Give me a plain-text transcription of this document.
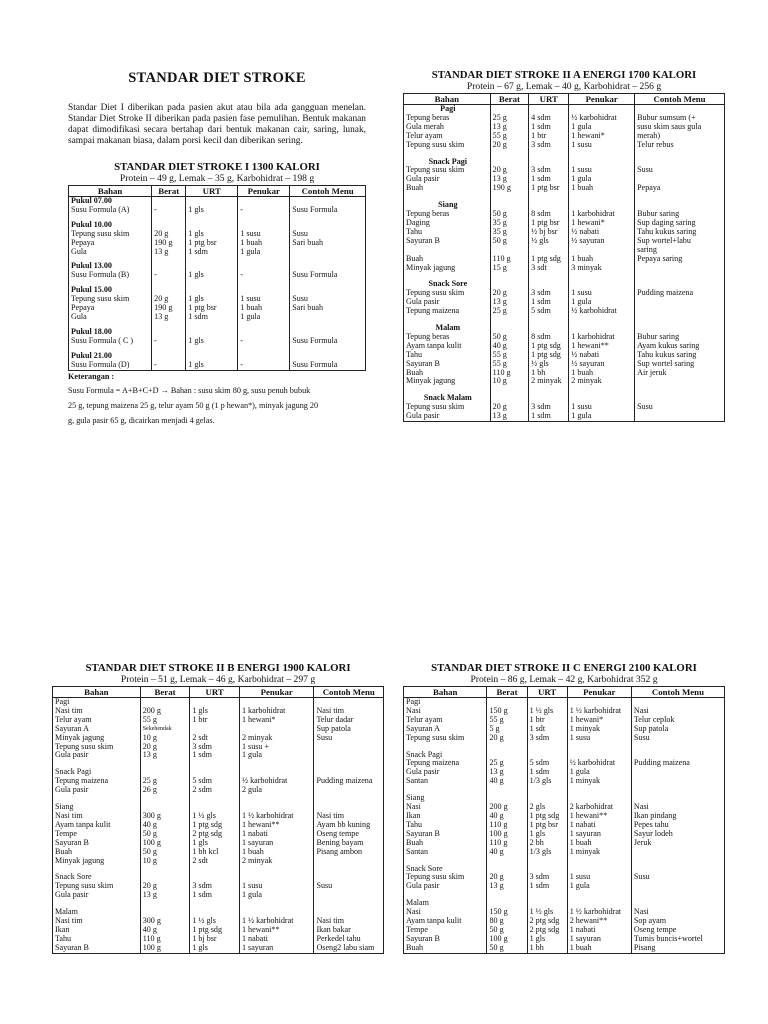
STANDAR DIET STROKE

Standar Diet I diberikan pada pasien akut atau bila ada gangguan menelan. Standar Diet Stroke II diberikan pada pasien fase pemulihan. Bentuk makanan dapat dimodifikasi secara bertahap dari bentuk makanan cair, saring, lunak, sampai makanan biasa, dalam porsi kecil dan diberikan sering.

STANDAR DIET STROKE I 1300 KALORI

Protein – 49 g, Lemak – 35 g, Karbohidrat – 198 g

Bahan	Berat	URT	Penukar	Contoh Menu
Pukul 07.00				
Susu Formula (A)	-	1 gls	-	Susu Formula
Pukul 10.00				
Tepung susu skim	20 g	1 gls	1 susu	Susu
Pepaya	190 g	1 ptg bsr	1 buah	Sari buah
Gula	13 g	1 sdm	1 gula	
Pukul 13.00				
Susu Formula (B)	-	1 gls	-	Susu Formula
Pukul 15.00				
Tepung susu skim	20 g	1 gls	1 susu	Susu
Pepaya	190 g	1 ptg bsr	1 buah	Sari buah
Gula	13 g	1 sdm	1 gula	
Pukul 18.00				
Susu Formula ( C )	-	1 gls	-	Susu Formula
Pukul 21.00				
Susu Formula (D)	-	1 gls	-	Susu Formula

Keterangan :

Susu Formula = A+B+C+D → Bahan : susu skim 80 g, susu penuh bubuk

25 g, tepung maizena 25 g, telur ayam 50 g (1 p hewan*), minyak jagung 20

g, gula pasir 65 g, dicairkan menjadi 4 gelas.

STANDAR DIET STROKE II A ENERGI 1700 KALORI

Protein – 67 g, Lemak – 40 g, Karbohidrat – 256 g

Bahan	Berat	URT	Penukar	Contoh Menu
Pagi				
Tepung beras	25 g	4 sdm	½ karbohidrat	Bubur sumsum (+
Gula merah	13 g	1 sdm	1 gula	susu skim saus gula
Telur ayam	55 g	1 btr	1 hewani*	merah)
Tepung susu skim	20 g	3 sdm	1 susu	Telur rebus
Snack Pagi				
Tepung susu skim	20 g	3 sdm	1 susu	Susu
Gula pasir	13 g	1 sdm	1 gula	
Buah	190 g	1 ptg bsr	1 buah	Pepaya
Siang				
Tepung beras	50 g	8 sdm	1 karbohidrat	Bubur saring
Daging	35 g	1 ptg bsr	1 hewani*	Sup daging saring
Tahu	35 g	½ bj bsr	½ nabati	Tahu kukus saring
Sayuran B	50 g	½ gls	½ sayuran	Sup wortel+labu
				saring
Buah	110 g	1 ptg sdg	1 buah	Pepaya saring
Minyak jagung	15 g	3 sdt	3 minyak	
Snack Sore				
Tepung susu skim	20 g	3 sdm	1 susu	Pudding maizena
Gula pasir	13 g	1 sdm	1 gula	
Tepung maizena	25 g	5 sdm	½ karbohidrat	
Malam				
Tepung beras	50 g	8 sdm	1 karbohidrat	Bubur saring
Ayam tanpa kulit	40 g	1 ptg sdg	1 hewani**	Ayam kukus saring
Tahu	55 g	1 ptg sdg	½ nabati	Tahu kukus saring
Sayuran B	55 g	½ gls	½ sayuran	Sup wortel saring
Buah	110 g	1 bh	1 buah	Air jeruk
Minyak jagung	10 g	2 minyak	2 minyak	
Snack Malam				
Tepung susu skim	20 g	3 sdm	1 susu	Susu
Gula pasir	13 g	1 sdm	1 gula	

STANDAR DIET STROKE II B ENERGI 1900 KALORI

Protein – 51 g, Lemak – 46 g, Karbohidrat – 297 g

Bahan	Berat	URT	Penukar	Contoh Menu
Pagi				
Nasi tim	200 g	1 gls	1 karbohidrat	Nasi tim
Telur ayam	55 g	1 btr	1 hewani*	Telur dadar
Sayuran A	Sekehendak			Sup patola
Minyak jagung	10 g	2 sdt	2 minyak	Susu
Tepung susu skim	20 g	3 sdm	1 susu +	
Gula pasir	13 g	1 sdm	1 gula	
Snack Pagi				
Tepung maizena	25 g	5 sdm	½ karbohidrat	Pudding maizena
Gula pasir	26 g	2 sdm	2 gula	
Siang				
Nasi tim	300 g	1 ½ gls	1 ½ karbohidrat	Nasi tim
Ayam tanpa kulit	40 g	1 ptg sdg	1 hewani**	Ayam bb kuning
Tempe	50 g	2 ptg sdg	1 nabati	Oseng tempe
Sayuran B	100 g	1 gls	1 sayuran	Bening bayam
Buah	50 g	1 bh kcl	1 buah	Pisang ambon
Minyak jagung	10 g	2 sdt	2 minyak	
Snack Sore				
Tepung susu skim	20 g	3 sdm	1 susu	Susu
Gula pasir	13 g	1 sdm	1 gula	
Malam				
Nasi tim	300 g	1 ½ gls	1 ½ karbohidrat	Nasi tim
Ikan	40 g	1 ptg sdg	1 hewani**	Ikan bakar
Tahu	110 g	1 bj bsr	1 nabati	Perkedel tahu
Sayuran B	100 g	1 gls	1 sayuran	Oseng2 labu siam

STANDAR DIET STROKE II C ENERGI 2100 KALORI

Protein – 86 g, Lemak – 42 g, Karbohidrat 352 g

Bahan	Berat	URT	Penukar	Contoh Menu
Pagi				
Nasi	150 g	1 ½ gls	1 ½ karbohidrat	Nasi
Telur ayam	55 g	1 btr	1 hewani*	Telur ceplok
Sayuran A	5 g	1 sdt	1 minyak	Sup patola
Tepung susu skim	20 g	3 sdm	1 susu	Susu
Snack Pagi				
Tepung maizena	25 g	5 sdm	½ karbohidrat	Pudding maizena
Gula pasir	13 g	1 sdm	1 gula	
Santan	40 g	1/3 gls	1 minyak	
Siang				
Nasi	200 g	2 gls	2 karbohidrat	Nasi
Ikan	40 g	1 ptg sdg	1 hewani**	Ikan pindang
Tahu	110 g	1 ptg bsr	1 nabati	Pepes tahu
Sayuran B	100 g	1 gls	1 sayuran	Sayur lodeh
Buah	110 g	2 bh	1 buah	Jeruk
Santan	40 g	1/3 gls	1 minyak	
Snack Sore				
Tepung susu skim	20 g	3 sdm	1 susu	Susu
Gula pasir	13 g	1 sdm	1 gula	
Malam				
Nasi	150 g	1 ½ gls	1 ½ karbohidrat	Nasi
Ayam tanpa kulit	80 g	2 ptg sdg	2 hewani**	Sop ayam
Tempe	50 g	2 ptg sdg	1 nabati	Oseng tempe
Sayuran B	100 g	1 gls	1 sayuran	Tumis buncis+wortel
Buah	50 g	1 bh	1 buah	Pisang
